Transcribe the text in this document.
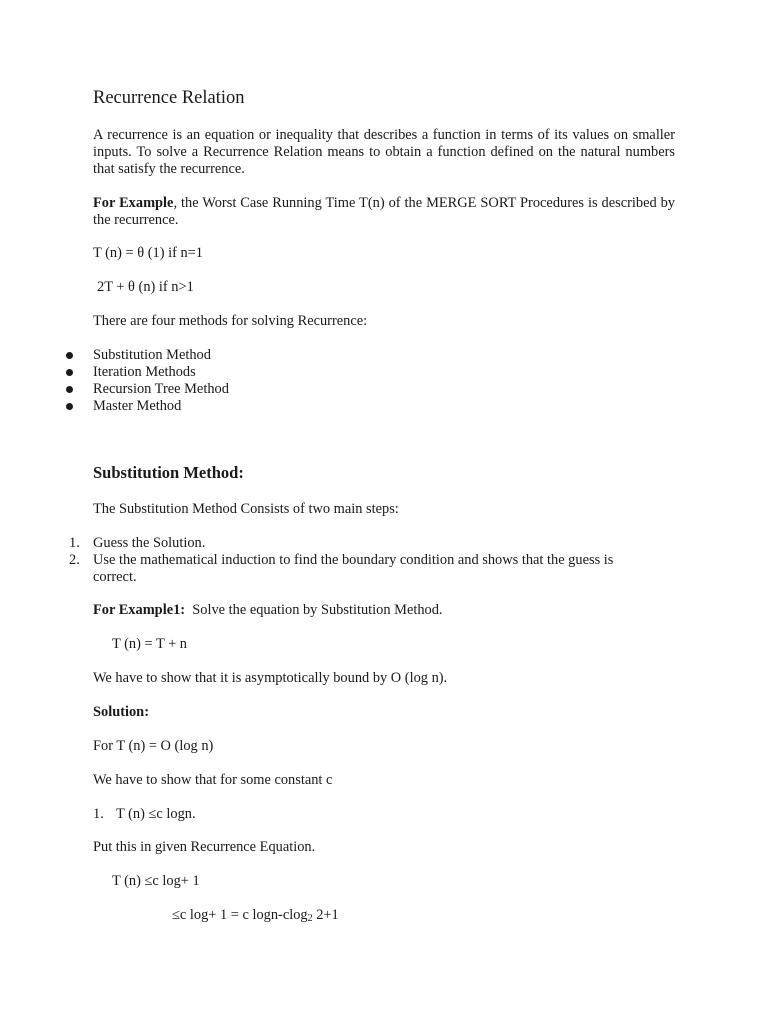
Recurrence Relation
A recurrence is an equation or inequality that describes a function in terms of its values on smaller inputs. To solve a Recurrence Relation means to obtain a function defined on the natural numbers that satisfy the recurrence.
For Example, the Worst Case Running Time T(n) of the MERGE SORT Procedures is described by the recurrence.
T (n) = θ (1) if n=1
2T + θ (n) if n>1
There are four methods for solving Recurrence:
Substitution Method
Iteration Methods
Recursion Tree Method
Master Method
Substitution Method:
The Substitution Method Consists of two main steps:
1. Guess the Solution.
2. Use the mathematical induction to find the boundary condition and shows that the guess is
correct.
For Example1: Solve the equation by Substitution Method.
T (n) = T + n
We have to show that it is asymptotically bound by O (log n).
Solution:
For T (n) = O (log n)
We have to show that for some constant c
1. T (n) ≤c logn.
Put this in given Recurrence Equation.
T (n) ≤c log+ 1
≤c log+ 1 = c logn-clog$_2$ 2+1
